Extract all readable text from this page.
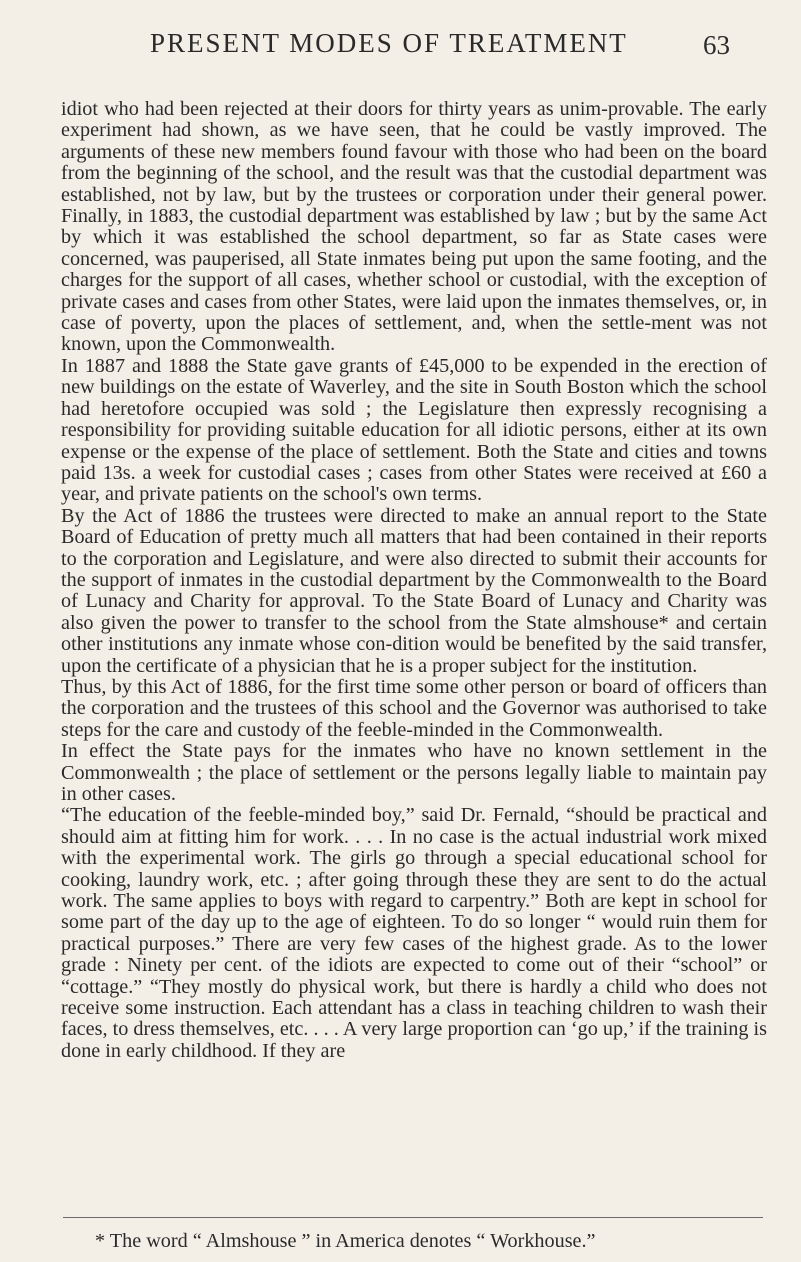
PRESENT MODES OF TREATMENT	63

idiot who had been rejected at their doors for thirty years as unim-provable. The early experiment had shown, as we have seen, that he could be vastly improved. The arguments of these new members found favour with those who had been on the board from the beginning of the school, and the result was that the custodial department was established, not by law, but by the trustees or corporation under their general power. Finally, in 1883, the custodial department was established by law ; but by the same Act by which it was established the school department, so far as State cases were concerned, was pauperised, all State inmates being put upon the same footing, and the charges for the support of all cases, whether school or custodial, with the exception of private cases and cases from other States, were laid upon the inmates themselves, or, in case of poverty, upon the places of settlement, and, when the settle-ment was not known, upon the Commonwealth.

In 1887 and 1888 the State gave grants of £45,000 to be expended in the erection of new buildings on the estate of Waverley, and the site in South Boston which the school had heretofore occupied was sold ; the Legislature then expressly recognising a responsibility for providing suitable education for all idiotic persons, either at its own expense or the expense of the place of settlement. Both the State and cities and towns paid 13s. a week for custodial cases ; cases from other States were received at £60 a year, and private patients on the school's own terms.

By the Act of 1886 the trustees were directed to make an annual report to the State Board of Education of pretty much all matters that had been contained in their reports to the corporation and Legislature, and were also directed to submit their accounts for the support of inmates in the custodial department by the Commonwealth to the Board of Lunacy and Charity for approval. To the State Board of Lunacy and Charity was also given the power to transfer to the school from the State almshouse* and certain other institutions any inmate whose con-dition would be benefited by the said transfer, upon the certificate of a physician that he is a proper subject for the institution.

Thus, by this Act of 1886, for the first time some other person or board of officers than the corporation and the trustees of this school and the Governor was authorised to take steps for the care and custody of the feeble-minded in the Commonwealth.

In effect the State pays for the inmates who have no known settlement in the Commonwealth ; the place of settlement or the persons legally liable to maintain pay in other cases.

“The education of the feeble-minded boy,” said Dr. Fernald, “should be practical and should aim at fitting him for work. . . . In no case is the actual industrial work mixed with the experimental work. The girls go through a special educational school for cooking, laundry work, etc. ; after going through these they are sent to do the actual work. The same applies to boys with regard to carpentry.” Both are kept in school for some part of the day up to the age of eighteen. To do so longer “ would ruin them for practical purposes.” There are very few cases of the highest grade. As to the lower grade : Ninety per cent. of the idiots are expected to come out of their “school” or “cottage.” “They mostly do physical work, but there is hardly a child who does not receive some instruction. Each attendant has a class in teaching children to wash their faces, to dress themselves, etc. . . . A very large proportion can ‘go up,’ if the training is done in early childhood. If they are

* The word “ Almshouse ” in America denotes “ Workhouse.”
